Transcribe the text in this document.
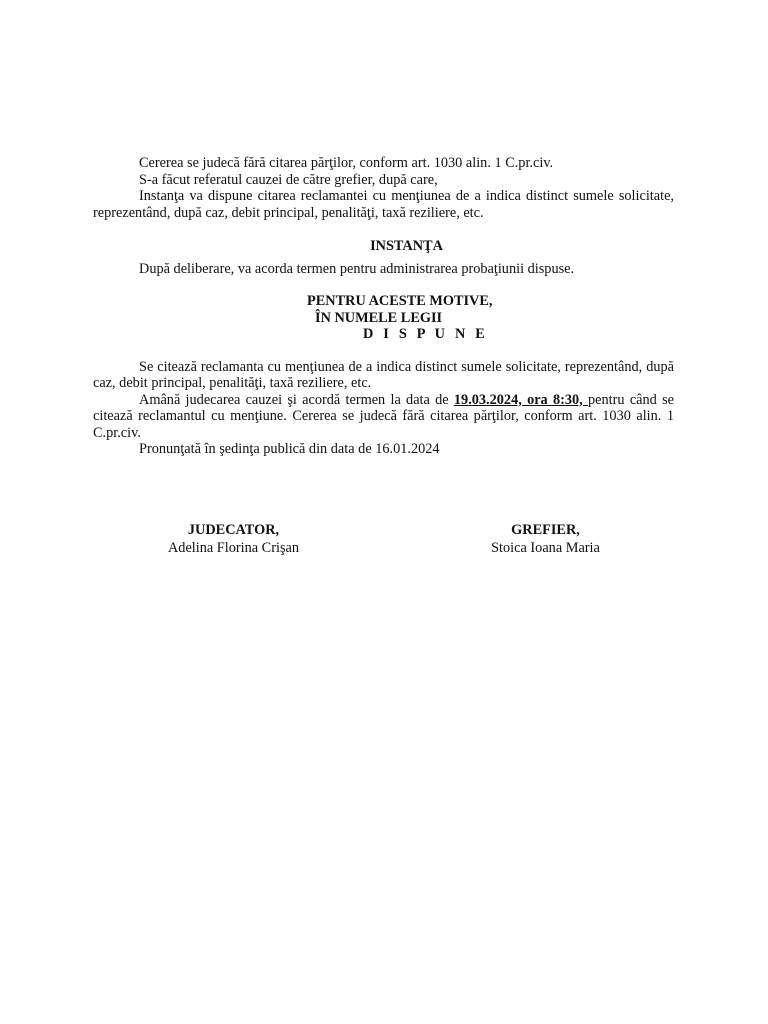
Cererea se judecă fără citarea părţilor, conform art. 1030 alin. 1 C.pr.civ.

S-a făcut referatul cauzei de către grefier, după care,

Instanţa va dispune citarea reclamantei cu menţiunea de a indica distinct sumele solicitate, reprezentând, după caz, debit principal, penalităţi, taxă reziliere, etc.

INSTANŢA

După deliberare, va acorda termen pentru administrarea probaţiunii dispuse.

PENTRU ACESTE MOTIVE,
ÎN NUMELE LEGII
D I S P U N E

Se citează reclamanta cu menţiunea de a indica distinct sumele solicitate, reprezentând, după caz, debit principal, penalităţi, taxă reziliere, etc.

Amână judecarea cauzei şi acordă termen la data de 19.03.2024, ora 8:30, pentru când se citează reclamantul cu menţiune. Cererea se judecă fără citarea părţilor, conform art. 1030 alin. 1 C.pr.civ.

Pronunţată în şedinţa publică din data de 16.01.2024

JUDECATOR,
Adelina Florina Crişan
GREFIER,
Stoica Ioana Maria
